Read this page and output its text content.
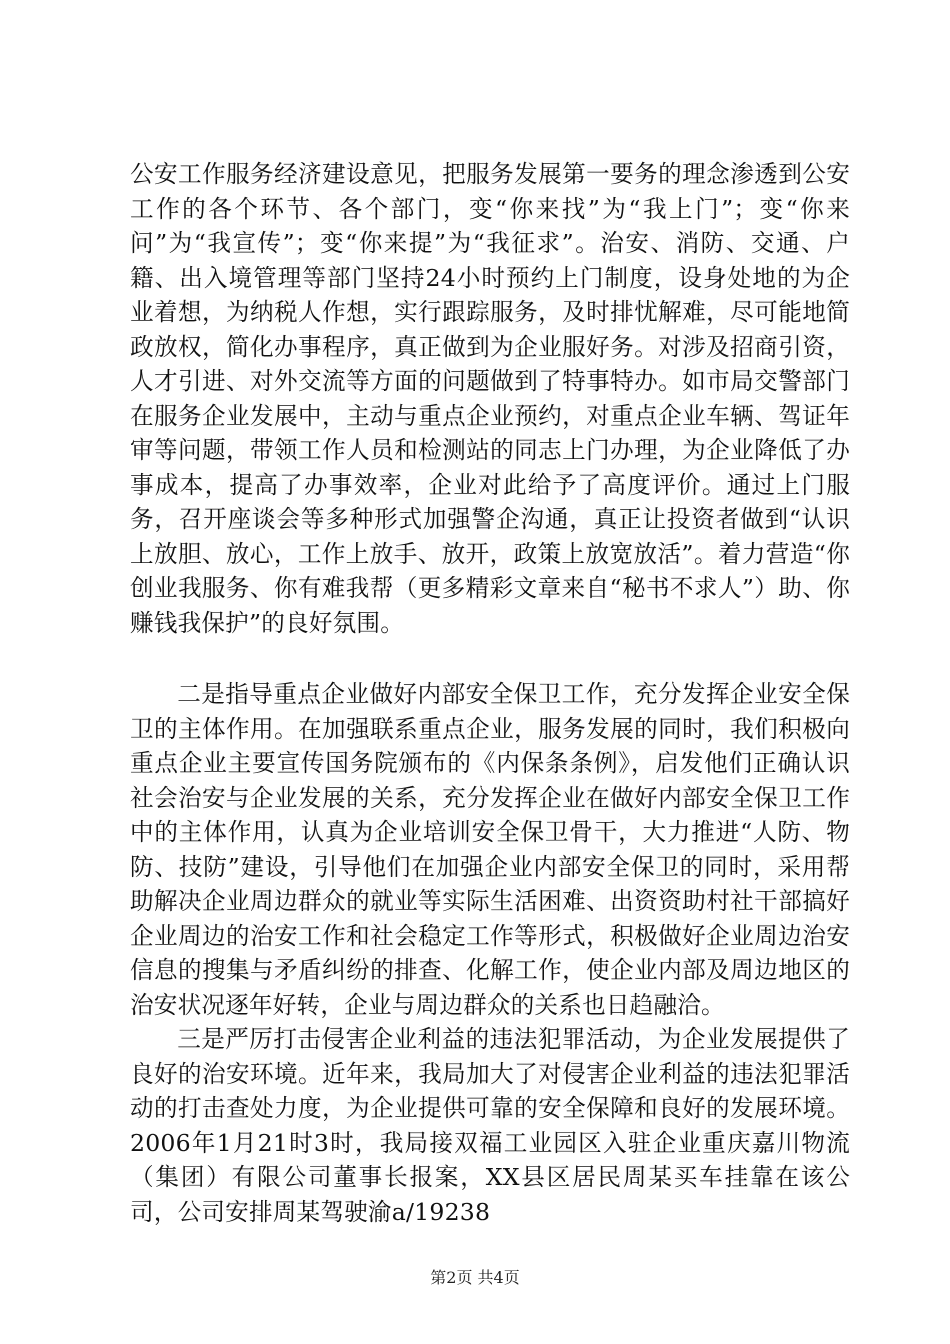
公安工作服务经济建设意见，把服务发展第一要务的理念渗透到公安工作的各个环节、各个部门，变“你来找”为“我上门”；变“你来问”为“我宣传”；变“你来提”为“我征求”。治安、消防、交通、户籍、出入境管理等部门坚持24小时预约上门制度，设身处地的为企业着想，为纳税人作想，实行跟踪服务，及时排忧解难，尽可能地简政放权，简化办事程序，真正做到为企业服好务。对涉及招商引资，人才引进、对外交流等方面的问题做到了特事特办。如市局交警部门在服务企业发展中，主动与重点企业预约，对重点企业车辆、驾证年审等问题，带领工作人员和检测站的同志上门办理，为企业降低了办事成本，提高了办事效率，企业对此给予了高度评价。通过上门服务，召开座谈会等多种形式加强警企沟通，真正让投资者做到“认识上放胆、放心，工作上放手、放开，政策上放宽放活”。着力营造“你创业我服务、你有难我帮（更多精彩文章来自“秘书不求人”）助、你赚钱我保护”的良好氛围。

二是指导重点企业做好内部安全保卫工作，充分发挥企业安全保卫的主体作用。在加强联系重点企业，服务发展的同时，我们积极向重点企业主要宣传国务院颁布的《内保条条例》，启发他们正确认识社会治安与企业发展的关系，充分发挥企业在做好内部安全保卫工作中的主体作用，认真为企业培训安全保卫骨干，大力推进“人防、物防、技防”建设，引导他们在加强企业内部安全保卫的同时，采用帮助解决企业周边群众的就业等实际生活困难、出资资助村社干部搞好企业周边的治安工作和社会稳定工作等形式，积极做好企业周边治安信息的搜集与矛盾纠纷的排查、化解工作，使企业内部及周边地区的治安状况逐年好转，企业与周边群众的关系也日趋融洽。

三是严厉打击侵害企业利益的违法犯罪活动，为企业发展提供了良好的治安环境。近年来，我局加大了对侵害企业利益的违法犯罪活动的打击查处力度，为企业提供可靠的安全保障和良好的发展环境。2006年1月21时3时，我局接双福工业园区入驻企业重庆嘉川物流（集团）有限公司董事长报案，XX县区居民周某买车挂靠在该公司，公司安排周某驾驶渝a/19238

第2页 共4页
